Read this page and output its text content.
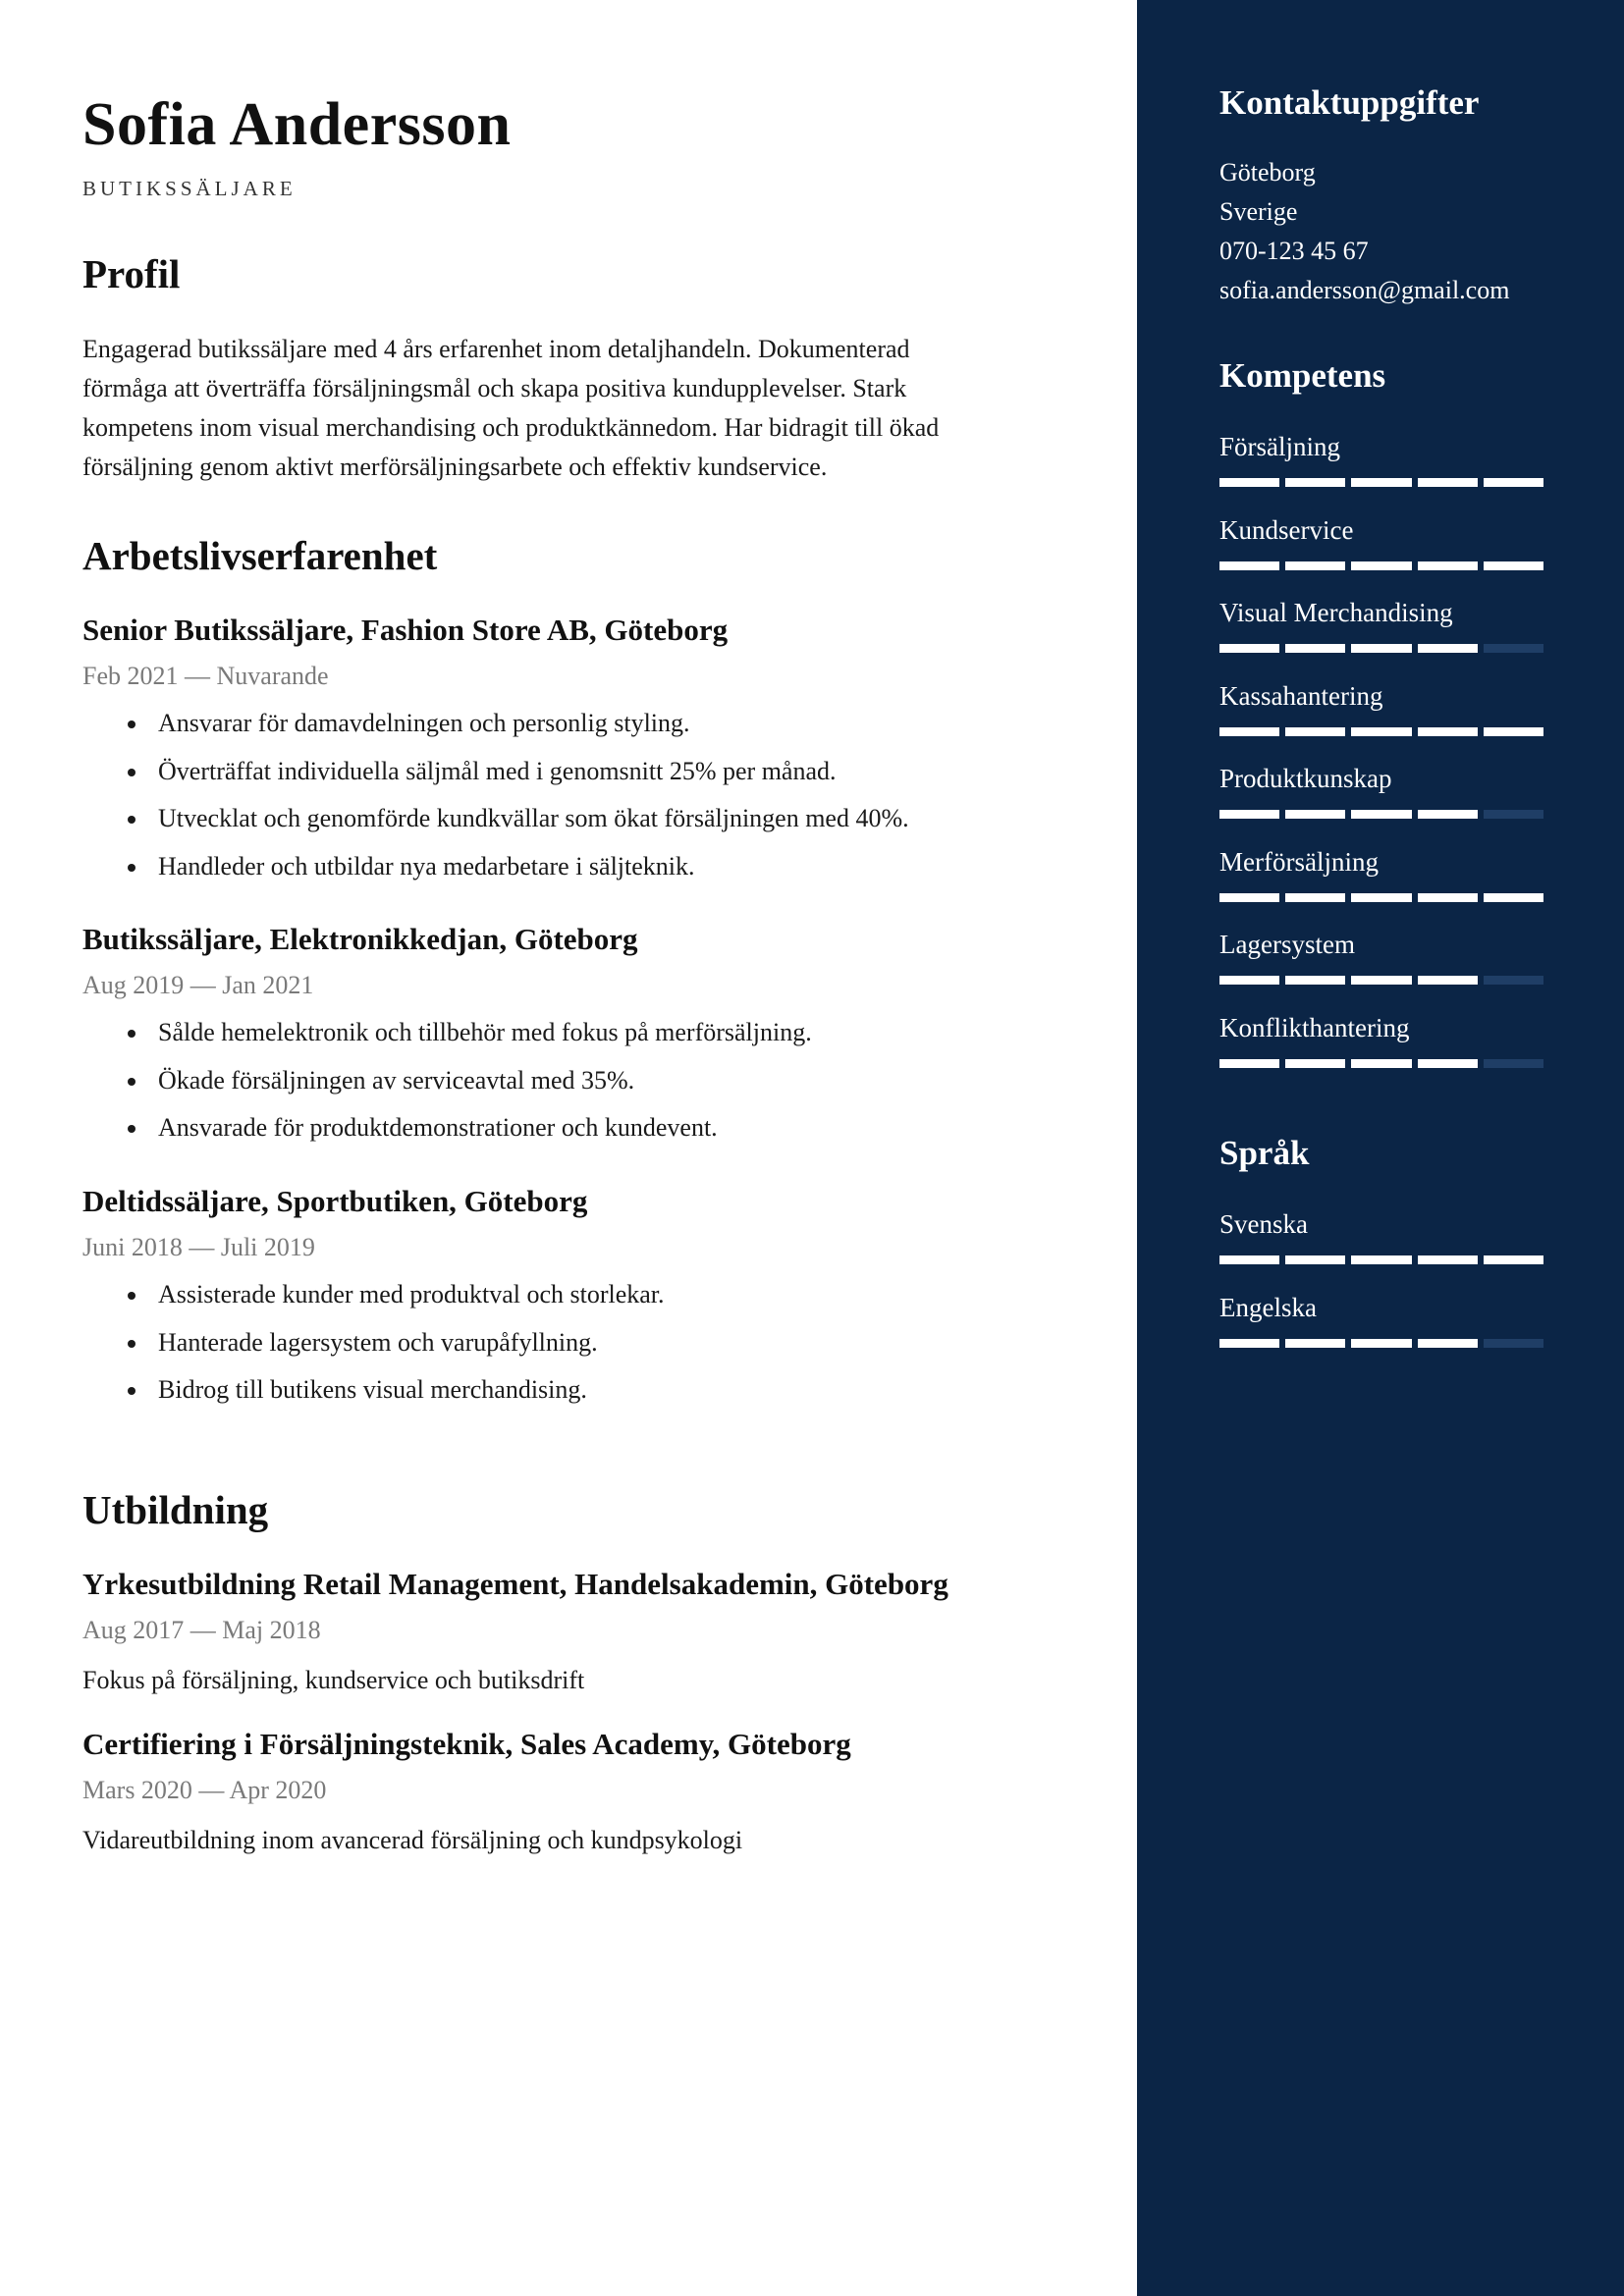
Sofia Andersson
BUTIKSSÄLJARE
Profil
Engagerad butikssäljare med 4 års erfarenhet inom detaljhandeln. Dokumenterad
förmåga att överträffa försäljningsmål och skapa positiva kundupplevelser. Stark
kompetens inom visual merchandising och produktkännedom. Har bidragit till ökad
försäljning genom aktivt merförsäljningsarbete och effektiv kundservice.
Arbetslivserfarenhet
Senior Butikssäljare, Fashion Store AB, Göteborg
Feb 2021 — Nuvarande
Ansvarar för damavdelningen och personlig styling.
Överträffat individuella säljmål med i genomsnitt 25% per månad.
Utvecklat och genomförde kundkvällar som ökat försäljningen med 40%.
Handleder och utbildar nya medarbetare i säljteknik.
Butikssäljare, Elektronikkedjan, Göteborg
Aug 2019 — Jan 2021
Sålde hemelektronik och tillbehör med fokus på merförsäljning.
Ökade försäljningen av serviceavtal med 35%.
Ansvarade för produktdemonstrationer och kundevent.
Deltidssäljare, Sportbutiken, Göteborg
Juni 2018 — Juli 2019
Assisterade kunder med produktval och storlekar.
Hanterade lagersystem och varupåfyllning.
Bidrog till butikens visual merchandising.
Utbildning
Yrkesutbildning Retail Management, Handelsakademin, Göteborg
Aug 2017 — Maj 2018
Fokus på försäljning, kundservice och butiksdrift
Certifiering i Försäljningsteknik, Sales Academy, Göteborg
Mars 2020 — Apr 2020
Vidareutbildning inom avancerad försäljning och kundpsykologi
Kontaktuppgifter
Göteborg
Sverige
070-123 45 67
sofia.andersson@gmail.com
Kompetens
Försäljning
Kundservice
Visual Merchandising
Kassahantering
Produktkunskap
Merförsäljning
Lagersystem
Konflikthantering
Språk
Svenska
Engelska
